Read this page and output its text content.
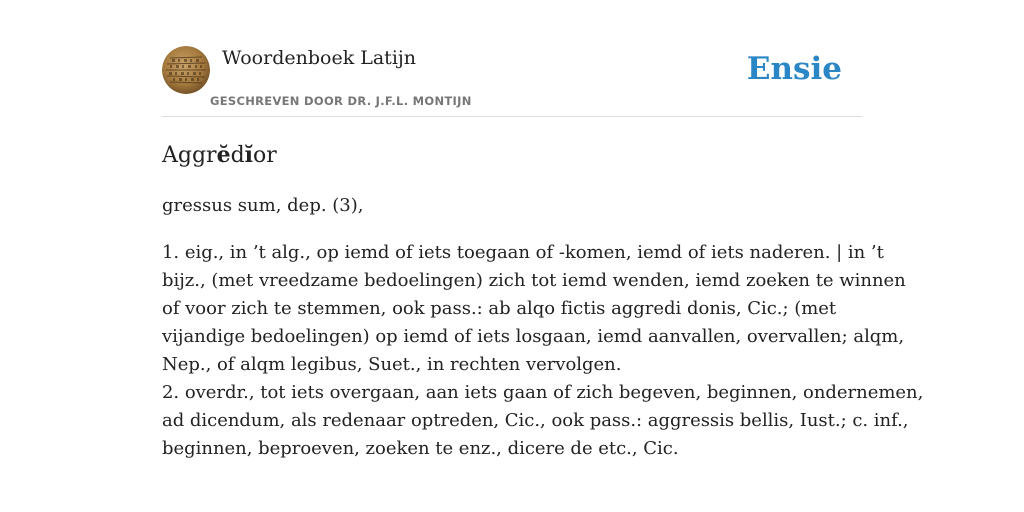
Woordenboek Latijn
GESCHREVEN DOOR DR. J.F.L. MONTIJN
Ensie
Aggrĕdĭor

gressus sum, dep. (3),

1. eig., in ’t alg., op iemd of iets toegaan of -komen, iemd of iets naderen. | in ’t
bijz., (met vreedzame bedoelingen) zich tot iemd wenden, iemd zoeken te winnen
of voor zich te stemmen, ook pass.: ab alqo fictis aggredi donis, Cic.; (met
vijandige bedoelingen) op iemd of iets losgaan, iemd aanvallen, overvallen; alqm,
Nep., of alqm legibus, Suet., in rechten vervolgen.
2. overdr., tot iets overgaan, aan iets gaan of zich begeven, beginnen, ondernemen,
ad dicendum, als redenaar optreden, Cic., ook pass.: aggressis bellis, Iust.; c. inf.,
beginnen, beproeven, zoeken te enz., dicere de etc., Cic.
